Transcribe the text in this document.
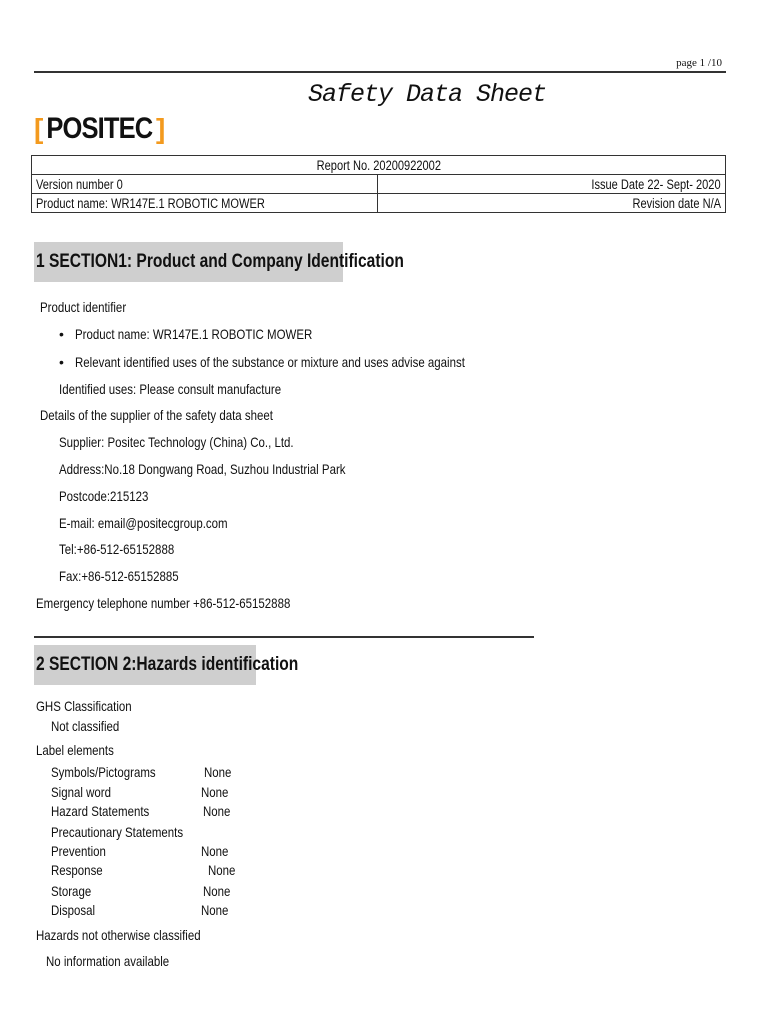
page 1 /10
Safety Data Sheet
[ POSITEC ]
Report No. 20200922002	
Version number 0	Issue Date 22- Sept- 2020
Product name: WR147E.1 ROBOTIC MOWER	Revision date N/A
1 SECTION1: Product and Company Identification
Product identifier
• Product name: WR147E.1 ROBOTIC MOWER
• Relevant identified uses of the substance or mixture and uses advise against
Identified uses: Please consult manufacture
Details of the supplier of the safety data sheet
Supplier: Positec Technology (China) Co., Ltd.
Address:No.18 Dongwang Road, Suzhou Industrial Park
Postcode:215123
E-mail: email@positecgroup.com
Tel:+86-512-65152888
Fax:+86-512-65152885
Emergency telephone number +86-512-65152888
2 SECTION 2:Hazards identification
GHS Classification
Not classified
Label elements
Symbols/Pictograms	None
Signal word	None
Hazard Statements	None
Precautionary Statements
Prevention	None
Response	None
Storage	None
Disposal	None
Hazards not otherwise classified
No information available
